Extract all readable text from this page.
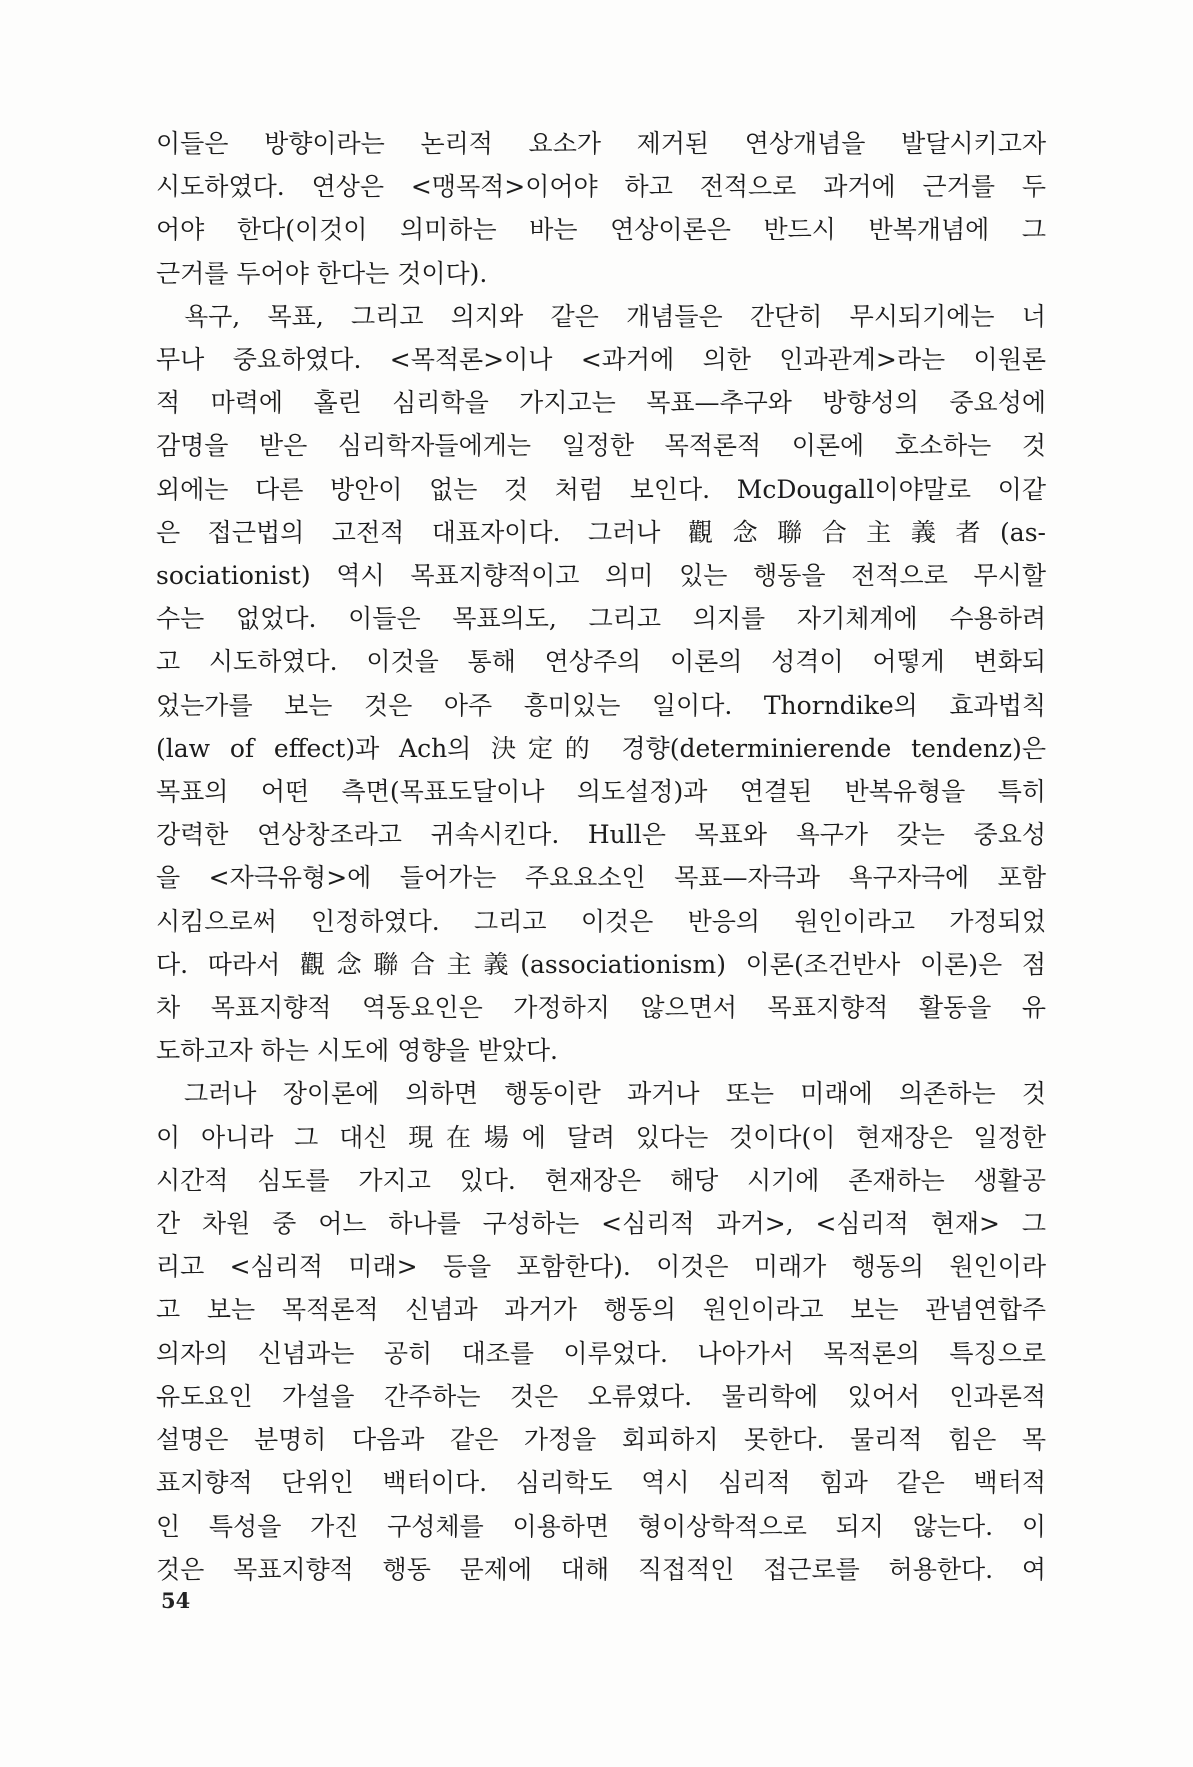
이들은 방향이라는 논리적 요소가 제거된 연상개념을 발달시키고자
시도하였다. 연상은 <맹목적>이어야 하고 전적으로 과거에 근거를 두
어야 한다(이것이 의미하는 바는 연상이론은 반드시 반복개념에 그
근거를 두어야 한다는 것이다).
욕구, 목표, 그리고 의지와 같은 개념들은 간단히 무시되기에는 너
무나 중요하였다. <목적론>이나 <과거에 의한 인과관계>라는 이원론
적 마력에 홀린 심리학을 가지고는 목표—추구와 방향성의 중요성에
감명을 받은 심리학자들에게는 일정한 목적론적 이론에 호소하는 것
외에는 다른 방안이 없는 것 처럼 보인다. McDougall이야말로 이같
은 접근법의 고전적 대표자이다. 그러나 觀念聯合主義者(as-
sociationist) 역시 목표지향적이고 의미 있는 행동을 전적으로 무시할
수는 없었다. 이들은 목표의도, 그리고 의지를 자기체계에 수용하려
고 시도하였다. 이것을 통해 연상주의 이론의 성격이 어떻게 변화되
었는가를 보는 것은 아주 흥미있는 일이다. Thorndike의 효과법칙
(law of effect)과 Ach의 決定的 경향(determinierende tendenz)은
목표의 어떤 측면(목표도달이나 의도설정)과 연결된 반복유형을 특히
강력한 연상창조라고 귀속시킨다. Hull은 목표와 욕구가 갖는 중요성
을 <자극유형>에 들어가는 주요요소인 목표—자극과 욕구자극에 포함
시킴으로써 인정하였다. 그리고 이것은 반응의 원인이라고 가정되었
다. 따라서 觀念聯合主義(associationism) 이론(조건반사 이론)은 점
차 목표지향적 역동요인은 가정하지 않으면서 목표지향적 활동을 유
도하고자 하는 시도에 영향을 받았다.
그러나 장이론에 의하면 행동이란 과거나 또는 미래에 의존하는 것
이 아니라 그 대신 現在場에 달려 있다는 것이다(이 현재장은 일정한
시간적 심도를 가지고 있다. 현재장은 해당 시기에 존재하는 생활공
간 차원 중 어느 하나를 구성하는 <심리적 과거>, <심리적 현재> 그
리고 <심리적 미래> 등을 포함한다). 이것은 미래가 행동의 원인이라
고 보는 목적론적 신념과 과거가 행동의 원인이라고 보는 관념연합주
의자의 신념과는 공히 대조를 이루었다. 나아가서 목적론의 특징으로
유도요인 가설을 간주하는 것은 오류였다. 물리학에 있어서 인과론적
설명은 분명히 다음과 같은 가정을 회피하지 못한다. 물리적 힘은 목
표지향적 단위인 백터이다. 심리학도 역시 심리적 힘과 같은 백터적
인 특성을 가진 구성체를 이용하면 형이상학적으로 되지 않는다. 이
것은 목표지향적 행동 문제에 대해 직접적인 접근로를 허용한다. 여
54
